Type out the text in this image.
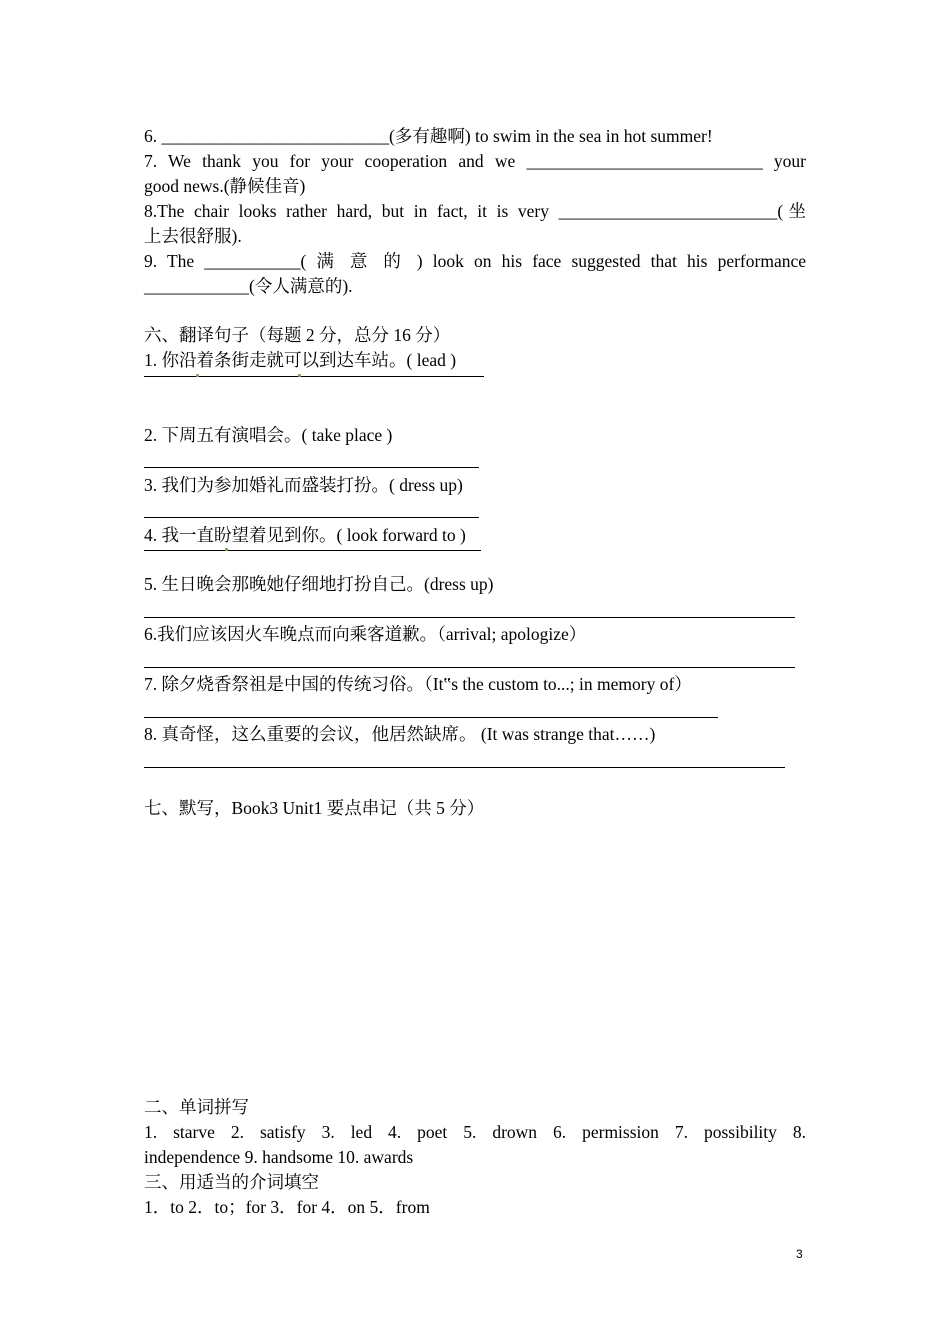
6. __________________________(多有趣啊) to swim in the sea in hot summer!
7. We thank you for your cooperation and we ___________________________ your
good news.(静候佳音)
8.The chair looks rather hard, but in fact, it is very _________________________(坐
上去很舒服).
9. The ___________( 满 意 的 ) look on his face suggested that his performance
____________(令人满意的).
六、翻译句子（每题 2 分，总分 16 分）
1. 你沿着条街走就可以到达车站。( lead )
2. 下周五有演唱会。( take place )
3. 我们为参加婚礼而盛装打扮。( dress up)
4. 我一直盼望着见到你。( look forward to )
5. 生日晚会那晚她仔细地打扮自己。(dress up)
6.我们应该因火车晚点而向乘客道歉。（arrival; apologize）
7. 除夕烧香祭祖是中国的传统习俗。（It‟s the custom to...; in memory of）
8. 真奇怪，这么重要的会议，他居然缺席。 (It was strange that……)
七、默写，Book3 Unit1 要点串记（共 5 分）
二、单词拼写
1. starve 2. satisfy 3. led 4. poet 5. drown 6. permission 7. possibility 8.
independence 9. handsome 10. awards
三、用适当的介词填空
1．to 2．to；for 3．for 4．on 5．from
3
